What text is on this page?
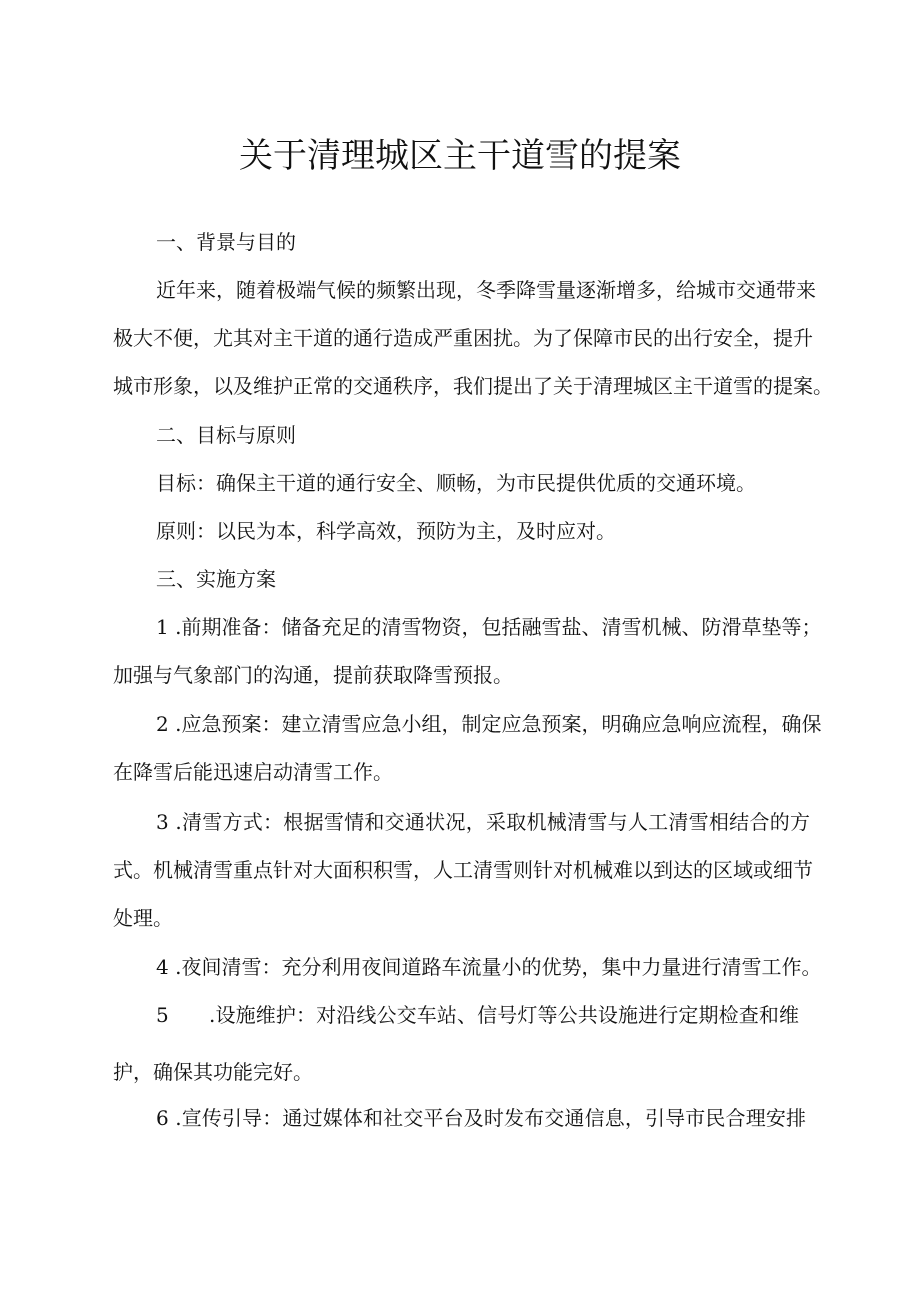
关于清理城区主干道雪的提案
一、背景与目的
近年来，随着极端气候的频繁出现，冬季降雪量逐渐增多，给城市交通带来
极大不便，尤其对主干道的通行造成严重困扰。为了保障市民的出行安全，提升
城市形象，以及维护正常的交通秩序，我们提出了关于清理城区主干道雪的提案。
二、目标与原则
目标：确保主干道的通行安全、顺畅，为市民提供优质的交通环境。
原则：以民为本，科学高效，预防为主，及时应对。
三、实施方案
1 .前期准备：储备充足的清雪物资，包括融雪盐、清雪机械、防滑草垫等；
加强与气象部门的沟通，提前获取降雪预报。
2 .应急预案：建立清雪应急小组，制定应急预案，明确应急响应流程，确保
在降雪后能迅速启动清雪工作。
3 .清雪方式：根据雪情和交通状况，采取机械清雪与人工清雪相结合的方
式。机械清雪重点针对大面积积雪，人工清雪则针对机械难以到达的区域或细节
处理。
4 .夜间清雪：充分利用夜间道路车流量小的优势，集中力量进行清雪工作。
5 .设施维护：对沿线公交车站、信号灯等公共设施进行定期检查和维
护，确保其功能完好。
6 .宣传引导：通过媒体和社交平台及时发布交通信息，引导市民合理安排
